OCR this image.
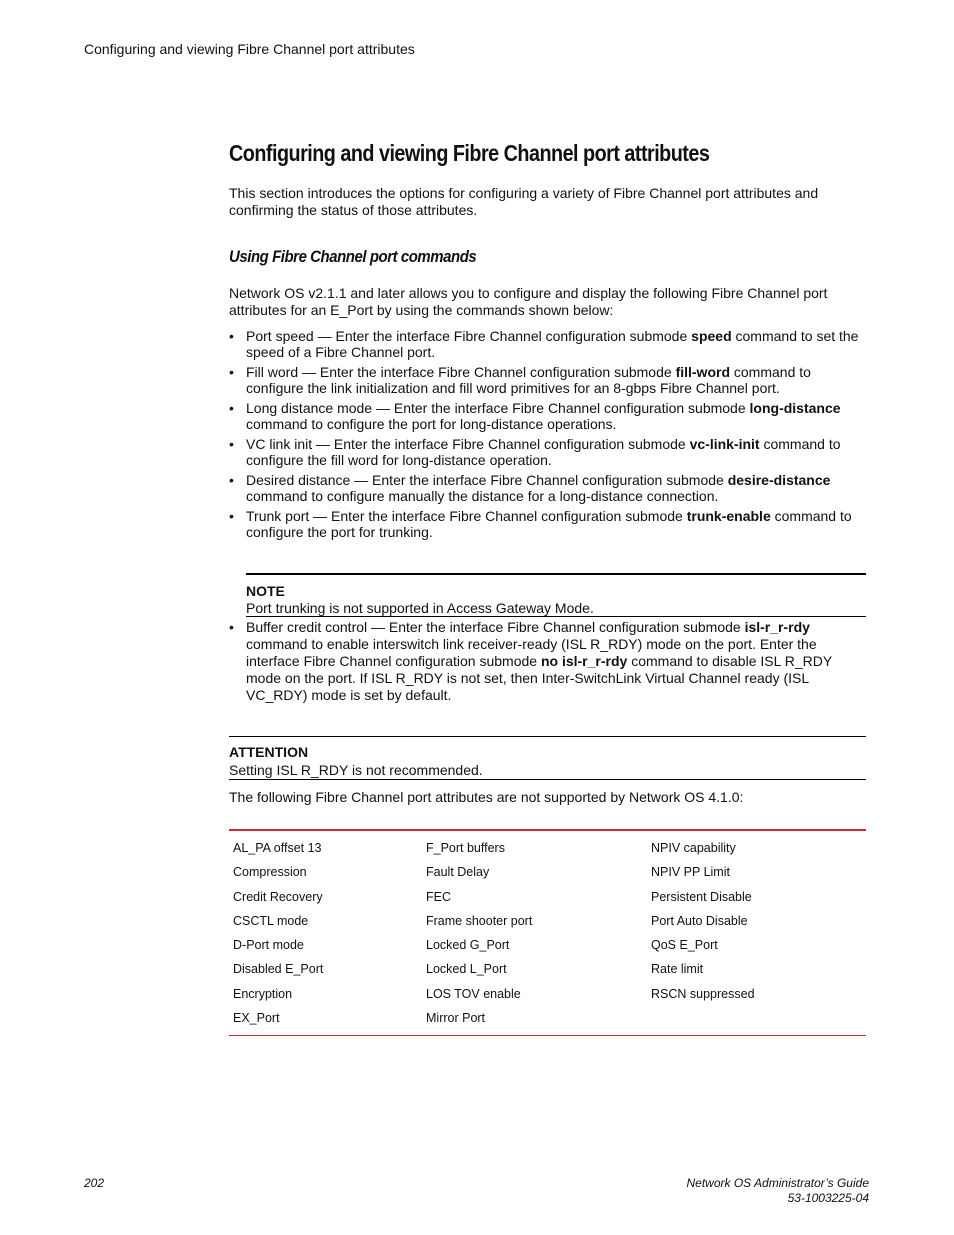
Configuring and viewing Fibre Channel port attributes
Configuring and viewing Fibre Channel port attributes

This section introduces the options for configuring a variety of Fibre Channel port attributes and confirming the status of those attributes.

Using Fibre Channel port commands

Network OS v2.1.1 and later allows you to configure and display the following Fibre Channel port attributes for an E_Port by using the commands shown below:

• Port speed — Enter the interface Fibre Channel configuration submode speed command to set the speed of a Fibre Channel port.
• Fill word — Enter the interface Fibre Channel configuration submode fill-word command to configure the link initialization and fill word primitives for an 8-gbps Fibre Channel port.
• Long distance mode — Enter the interface Fibre Channel configuration submode long-distance command to configure the port for long-distance operations.
• VC link init — Enter the interface Fibre Channel configuration submode vc-link-init command to configure the fill word for long-distance operation.
• Desired distance — Enter the interface Fibre Channel configuration submode desire-distance command to configure manually the distance for a long-distance connection.
• Trunk port — Enter the interface Fibre Channel configuration submode trunk-enable command to configure the port for trunking.
NOTE
Port trunking is not supported in Access Gateway Mode.
• Buffer credit control — Enter the interface Fibre Channel configuration submode isl-r_r-rdy command to enable interswitch link receiver-ready (ISL R_RDY) mode on the port. Enter the interface Fibre Channel configuration submode no isl-r_r-rdy command to disable ISL R_RDY mode on the port. If ISL R_RDY is not set, then Inter-SwitchLink Virtual Channel ready (ISL VC_RDY) mode is set by default.
ATTENTION
Setting ISL R_RDY is not recommended.

The following Fibre Channel port attributes are not supported by Network OS 4.1.0:

AL_PA offset 13
Compression
Credit Recovery
CSCTL mode
D-Port mode
Disabled E_Port
Encryption
EX_Port
F_Port buffers
Fault Delay
FEC
Frame shooter port
Locked G_Port
Locked L_Port
LOS TOV enable
Mirror Port
NPIV capability
NPIV PP Limit
Persistent Disable
Port Auto Disable
QoS E_Port
Rate limit
RSCN suppressed
202	Network OS Administrator’s Guide
53-1003225-04
